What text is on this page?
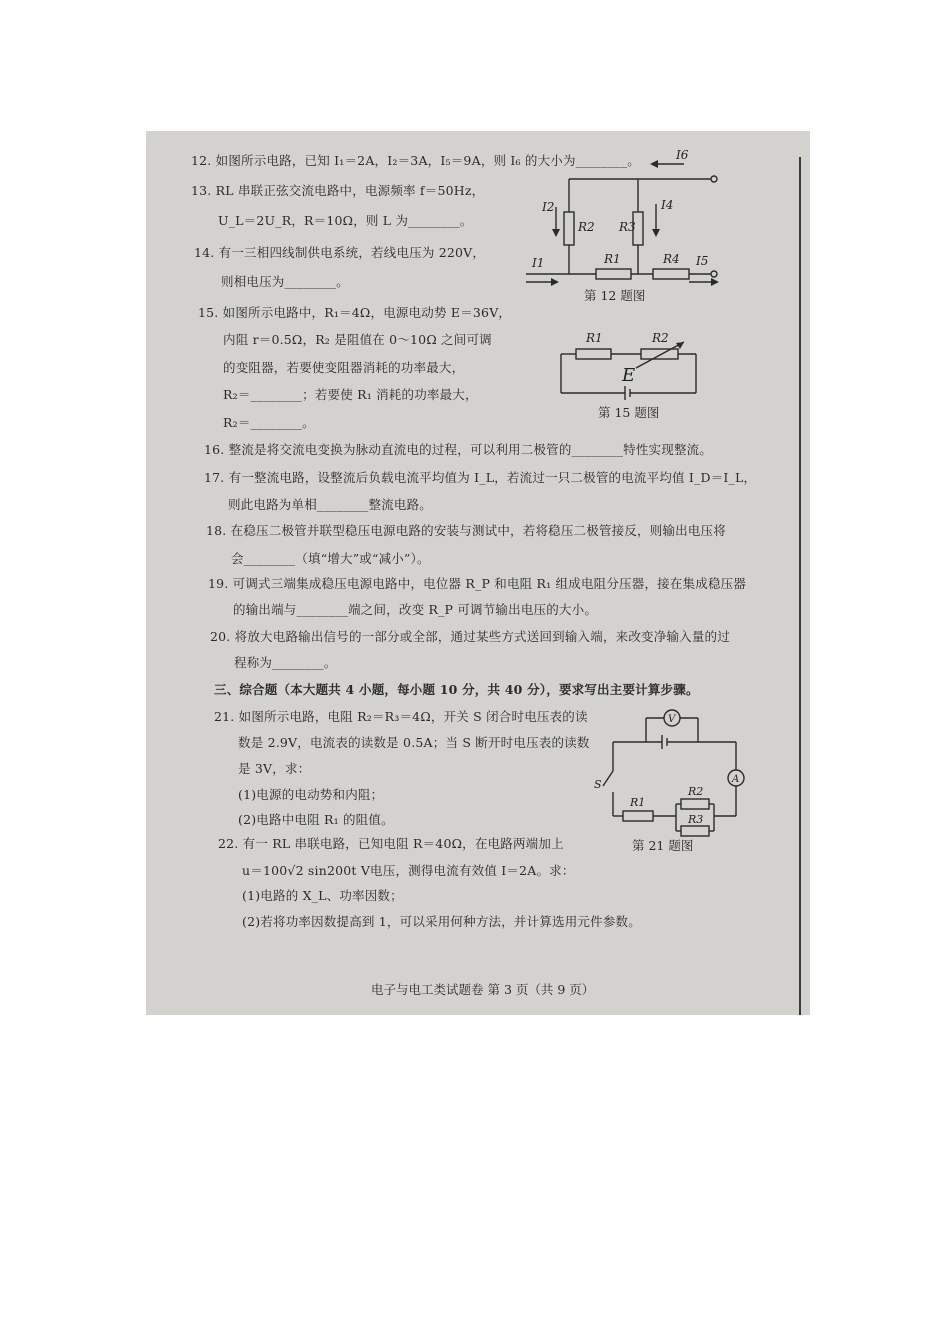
12. 如图所示电路，已知 I₁＝2A，I₂＝3A，I₅＝9A，则 I₆ 的大小为________。
13. RL 串联正弦交流电路中，电源频率 f＝50Hz，
U_L＝2U_R，R＝10Ω，则 L 为________。
14. 有一三相四线制供电系统，若线电压为 220V，
则相电压为________。
15. 如图所示电路中，R₁＝4Ω，电源电动势 E＝36V，
内阻 r＝0.5Ω，R₂ 是阻值在 0～10Ω 之间可调
的变阻器，若要使变阻器消耗的功率最大，
R₂＝________；若要使 R₁ 消耗的功率最大，
R₂＝________。
16. 整流是将交流电变换为脉动直流电的过程，可以利用二极管的________特性实现整流。
17. 有一整流电路，设整流后负载电流平均值为 I_L，若流过一只二极管的电流平均值 I_D＝I_L，
则此电路为单相________整流电路。
18. 在稳压二极管并联型稳压电源电路的安装与测试中，若将稳压二极管接反，则输出电压将
会________（填“增大”或“减小”）。
19. 可调式三端集成稳压电源电路中，电位器 R_P 和电阻 R₁ 组成电阻分压器，接在集成稳压器
的输出端与________端之间，改变 R_P 可调节输出电压的大小。
20. 将放大电路输出信号的一部分或全部，通过某些方式送回到输入端，来改变净输入量的过
程称为________。
三、综合题（本大题共 4 小题，每小题 10 分，共 40 分），要求写出主要计算步骤。
21. 如图所示电路，电阻 R₂＝R₃＝4Ω，开关 S 闭合时电压表的读
数是 2.9V，电流表的读数是 0.5A；当 S 断开时电压表的读数
是 3V，求：
(1)电源的电动势和内阻；
(2)电路中电阻 R₁ 的阻值。
22. 有一 RL 串联电路，已知电阻 R＝40Ω，在电路两端加上
u＝100√2 sin200t V电压，测得电流有效值 I＝2A。求：
(1)电路的 X_L、功率因数；
(2)若将功率因数提高到 1，可以采用何种方法，并计算选用元件参数。
I6
I2
R2 R3
I4
I1	R1	R4 I5
第 12 题图
R1	R2
E
第 15 题图
V
A
S
R1
R2
R3
第 21 题图
电子与电工类试题卷 第 3 页（共 9 页）
